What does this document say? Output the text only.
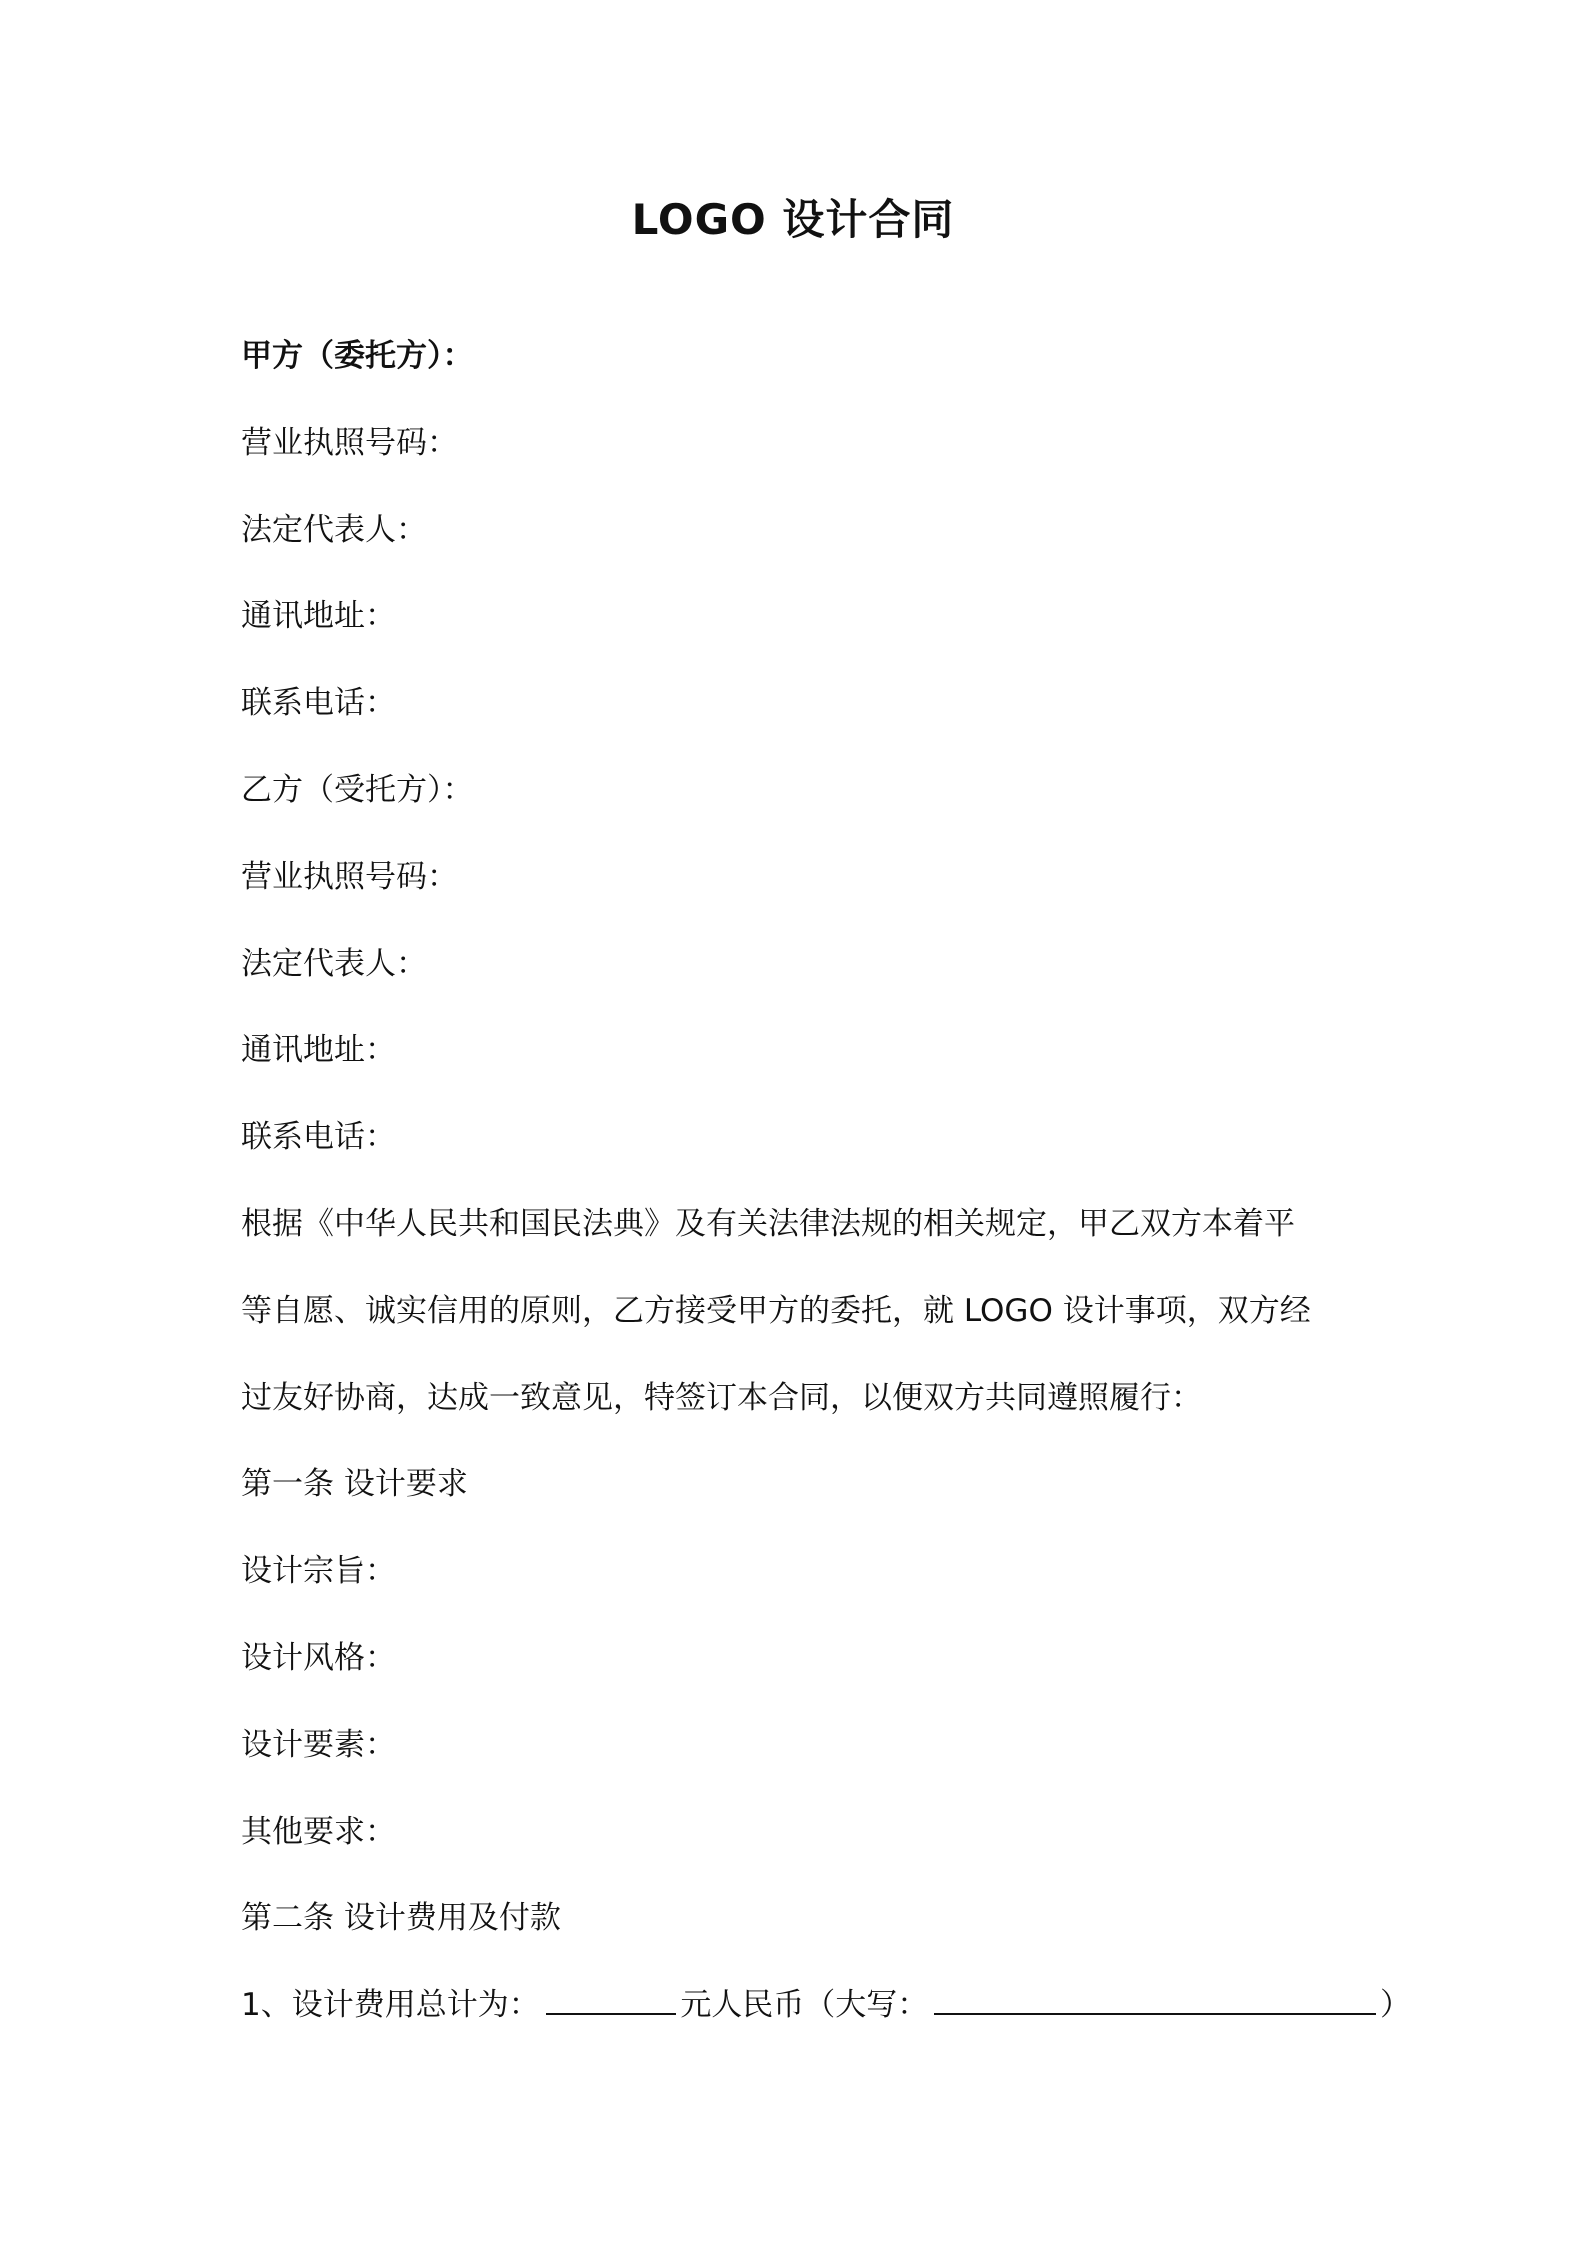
LOGO 设计合同
甲方（委托方）：
营业执照号码：
法定代表人：
通讯地址：
联系电话：
乙方（受托方）：
营业执照号码：
法定代表人：
通讯地址：
联系电话：
根据《中华人民共和国民法典》及有关法律法规的相关规定，甲乙双方本着平
等自愿、诚实信用的原则，乙方接受甲方的委托，就 LOGO 设计事项，双方经
过友好协商，达成一致意见，特签订本合同，以便双方共同遵照履行：
第一条 设计要求
设计宗旨：
设计风格：
设计要素：
其他要求：
第二条 设计费用及付款
1、设计费用总计为：	元人民币（大写：	）
